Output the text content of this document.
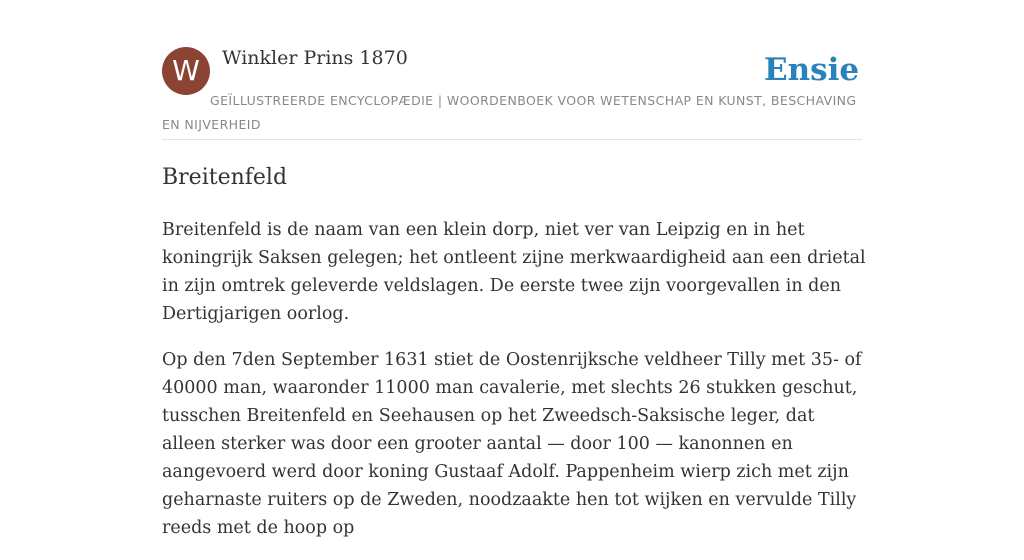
W	Winkler Prins 1870	Ensie
GEÏLLUSTREERDE ENCYCLOPÆDIE | WOORDENBOEK VOOR WETENSCHAP EN KUNST, BESCHAVING EN NIJVERHEID
Breitenfeld

Breitenfeld is de naam van een klein dorp, niet ver van Leipzig en in het koningrijk Saksen gelegen; het ontleent zijne merkwaardigheid aan een drietal in zijn omtrek geleverde veldslagen. De eerste twee zijn voorgevallen in den Dertigjarigen oorlog.

Op den 7den September 1631 stiet de Oostenrijksche veldheer Tilly met 35- of 40000 man, waaronder 11000 man cavalerie, met slechts 26 stukken geschut, tusschen Breitenfeld en Seehausen op het Zweedsch-Saksische leger, dat alleen sterker was door een grooter aantal — door 100 — kanonnen en aangevoerd werd door koning Gustaaf Adolf. Pappenheim wierp zich met zijn geharnaste ruiters op de Zweden, noodzaakte hen tot wijken en vervulde Tilly reeds met de hoop op
